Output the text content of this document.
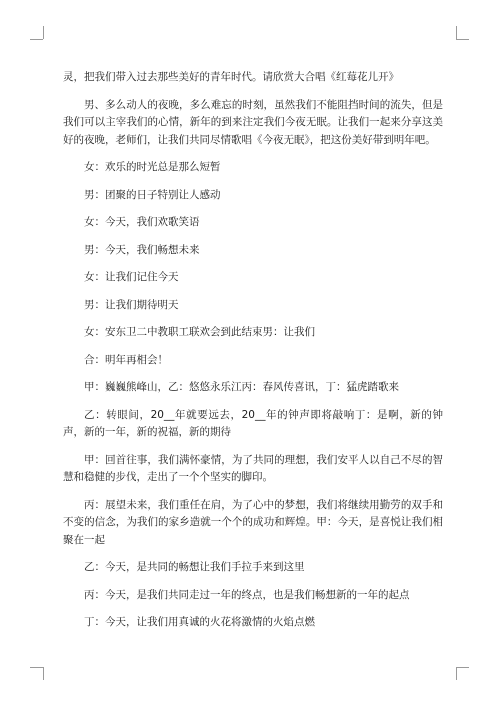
灵，把我们带入过去那些美好的青年时代。请欣赏大合唱《红莓花儿开》

男、多么动人的夜晚，多么难忘的时刻，虽然我们不能阻挡时间的流失，但是我们可以主宰我们的心情，新年的到来注定我们今夜无眠。让我们一起来分享这美好的夜晚，老师们，让我们共同尽情歌唱《今夜无眠》，把这份美好带到明年吧。

女：欢乐的时光总是那么短暂

男：团聚的日子特别让人感动

女：今天，我们欢歌笑语

男：今天，我们畅想未来

女：让我们记住今天

男：让我们期待明天

女：安东卫二中教职工联欢会到此结束男：让我们

合：明年再相会！

甲：巍巍熊峰山，乙：悠悠永乐江丙：春风传喜讯，丁：猛虎踏歌来

乙：转眼间，20__年就要远去，20__年的钟声即将敲响丁：是啊，新的钟声，新的一年，新的祝福，新的期待

甲：回首往事，我们满怀豪情，为了共同的理想，我们安平人以自己不尽的智慧和稳健的步伐，走出了一个个坚实的脚印。

丙：展望未来，我们重任在肩，为了心中的梦想，我们将继续用勤劳的双手和不变的信念，为我们的家乡造就一个个的成功和辉煌。甲：今天，是喜悦让我们相聚在一起

乙：今天，是共同的畅想让我们手拉手来到这里

丙：今天，是我们共同走过一年的终点，也是我们畅想新的一年的起点

丁：今天，让我们用真诚的火花将激情的火焰点燃
